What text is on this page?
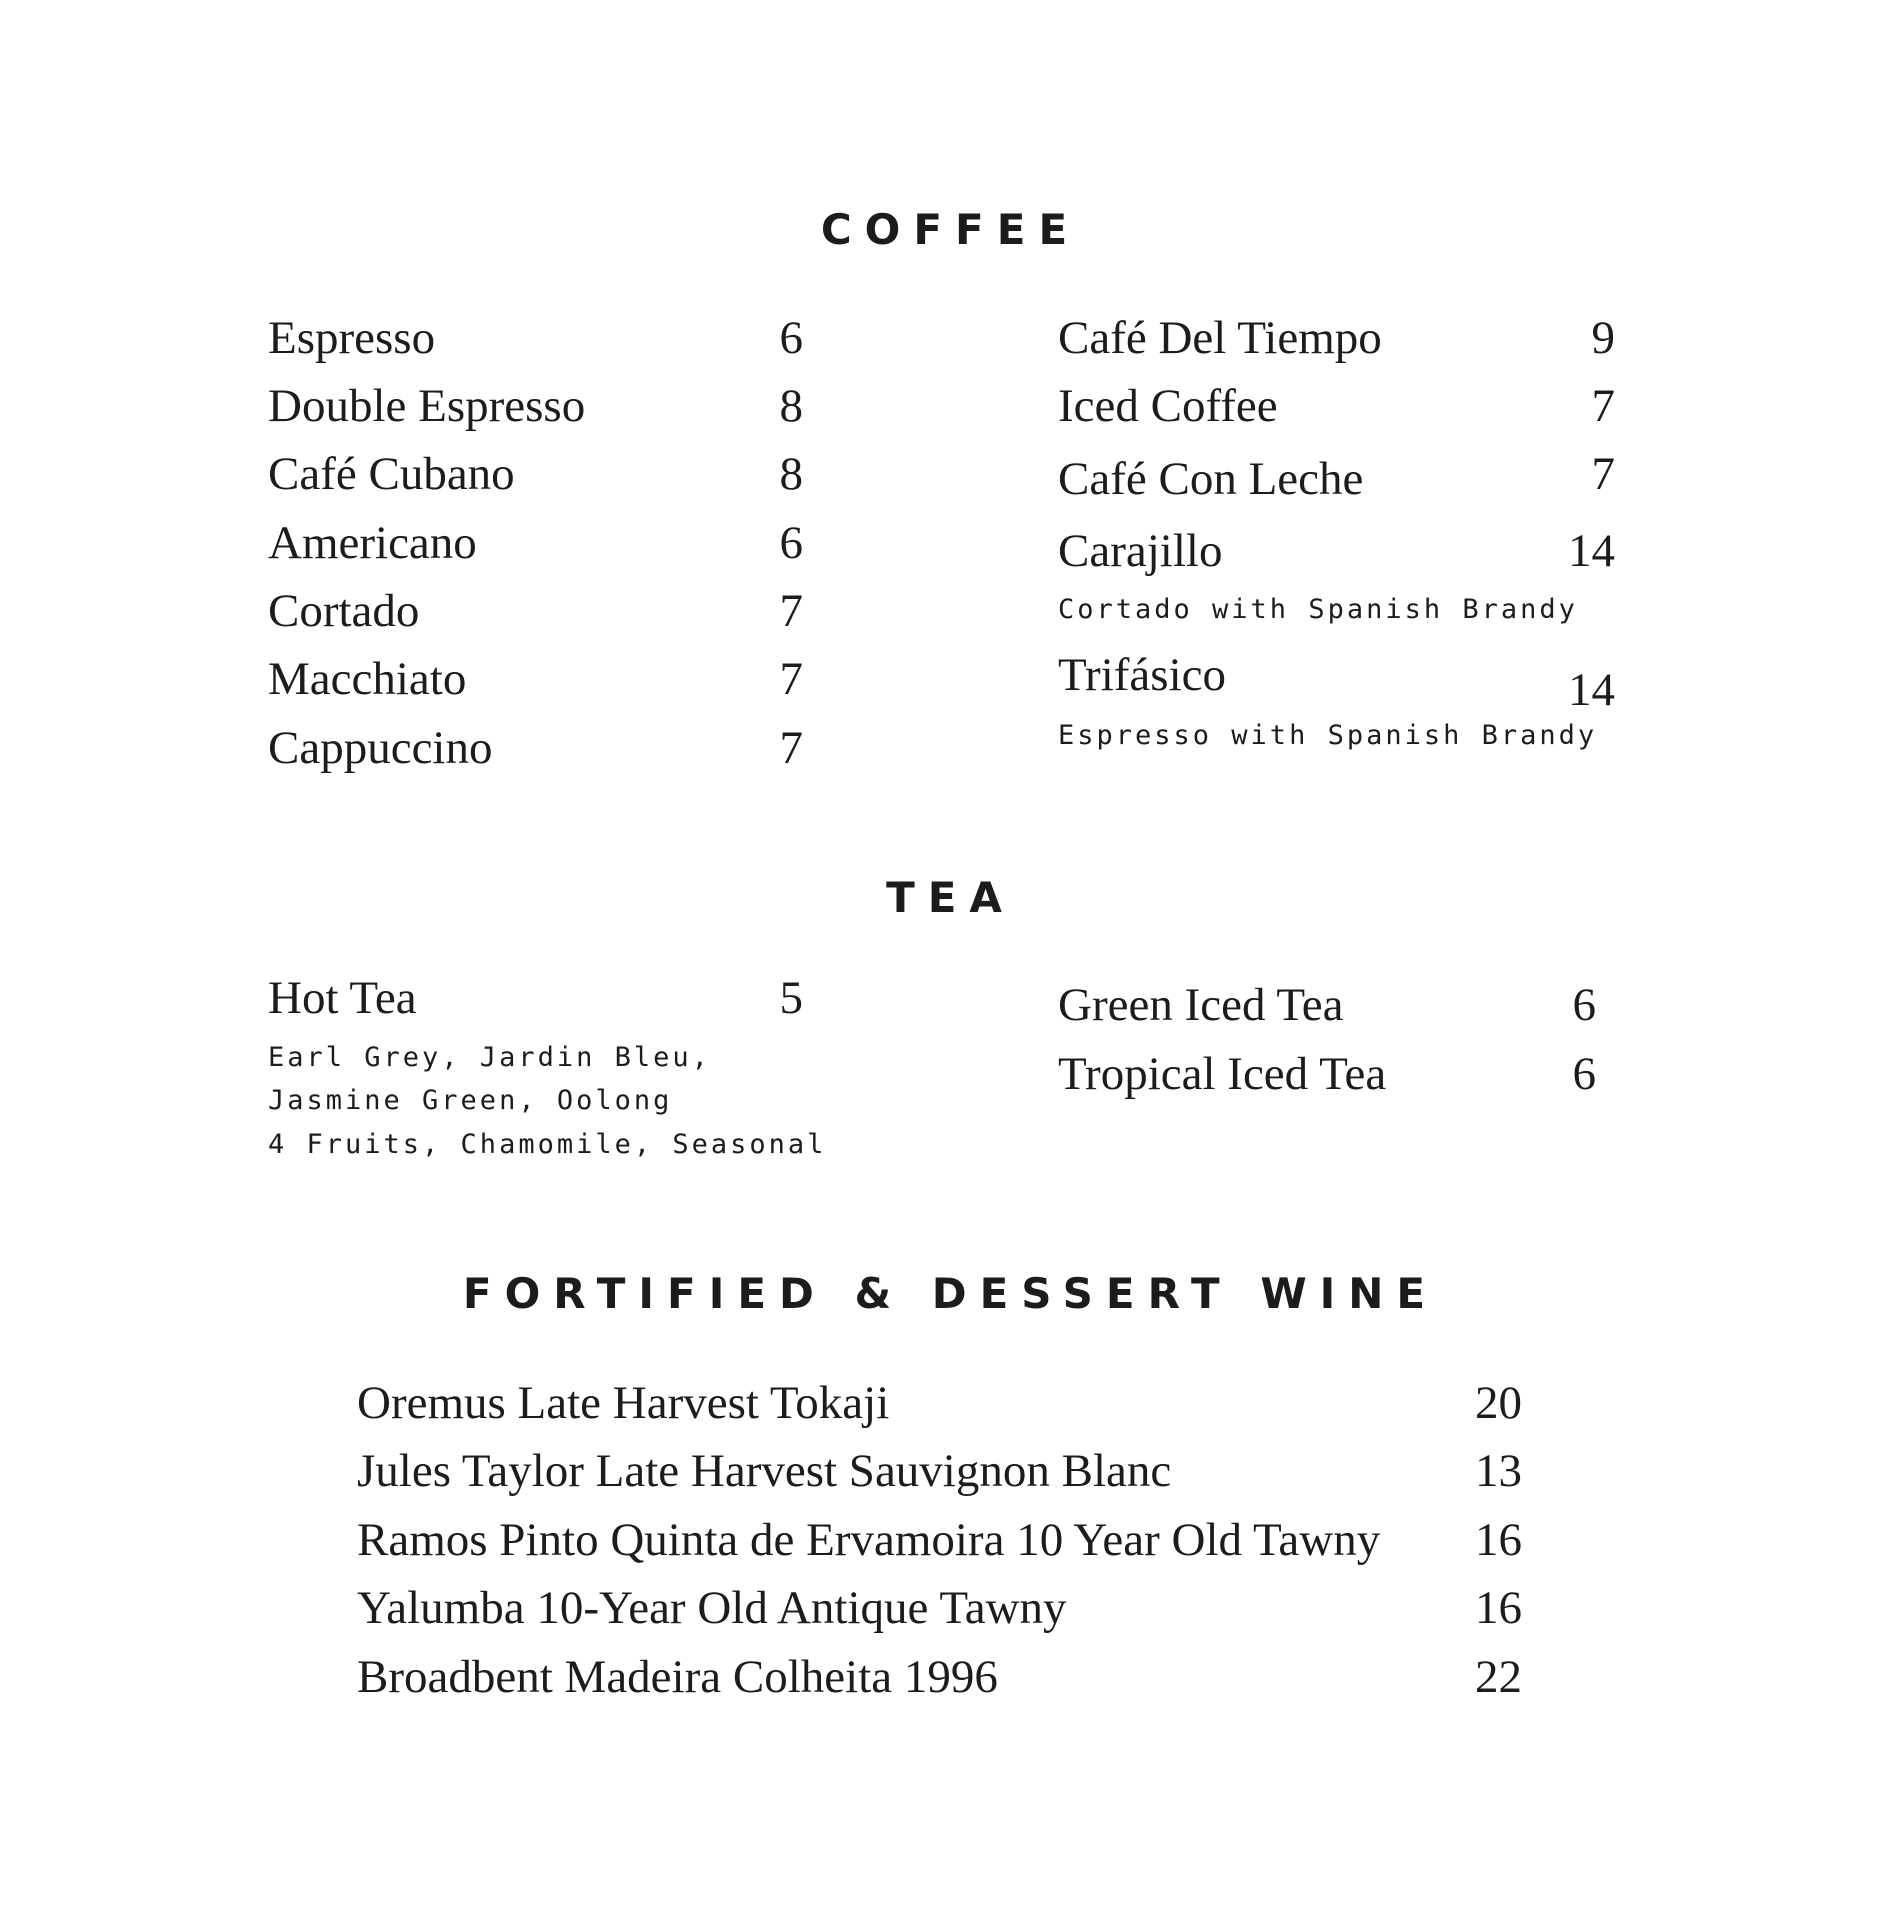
COFFEE
Espresso	6
Double Espresso	8
Café Cubano	8
Americano	6
Cortado	7
Macchiato	7
Cappuccino	7
Café Del Tiempo	9
Iced Coffee	7
Café Con Leche	7
Carajillo	14
Cortado with Spanish Brandy
Trifásico	14
Espresso with Spanish Brandy
TEA
Hot Tea	5
Earl Grey, Jardin Bleu,
Jasmine Green, Oolong
4 Fruits, Chamomile, Seasonal
Green Iced Tea	6
Tropical Iced Tea	6
FORTIFIED & DESSERT WINE
Oremus Late Harvest Tokaji	20
Jules Taylor Late Harvest Sauvignon Blanc	13
Ramos Pinto Quinta de Ervamoira 10 Year Old Tawny	16
Yalumba 10-Year Old Antique Tawny	16
Broadbent Madeira Colheita 1996	22
